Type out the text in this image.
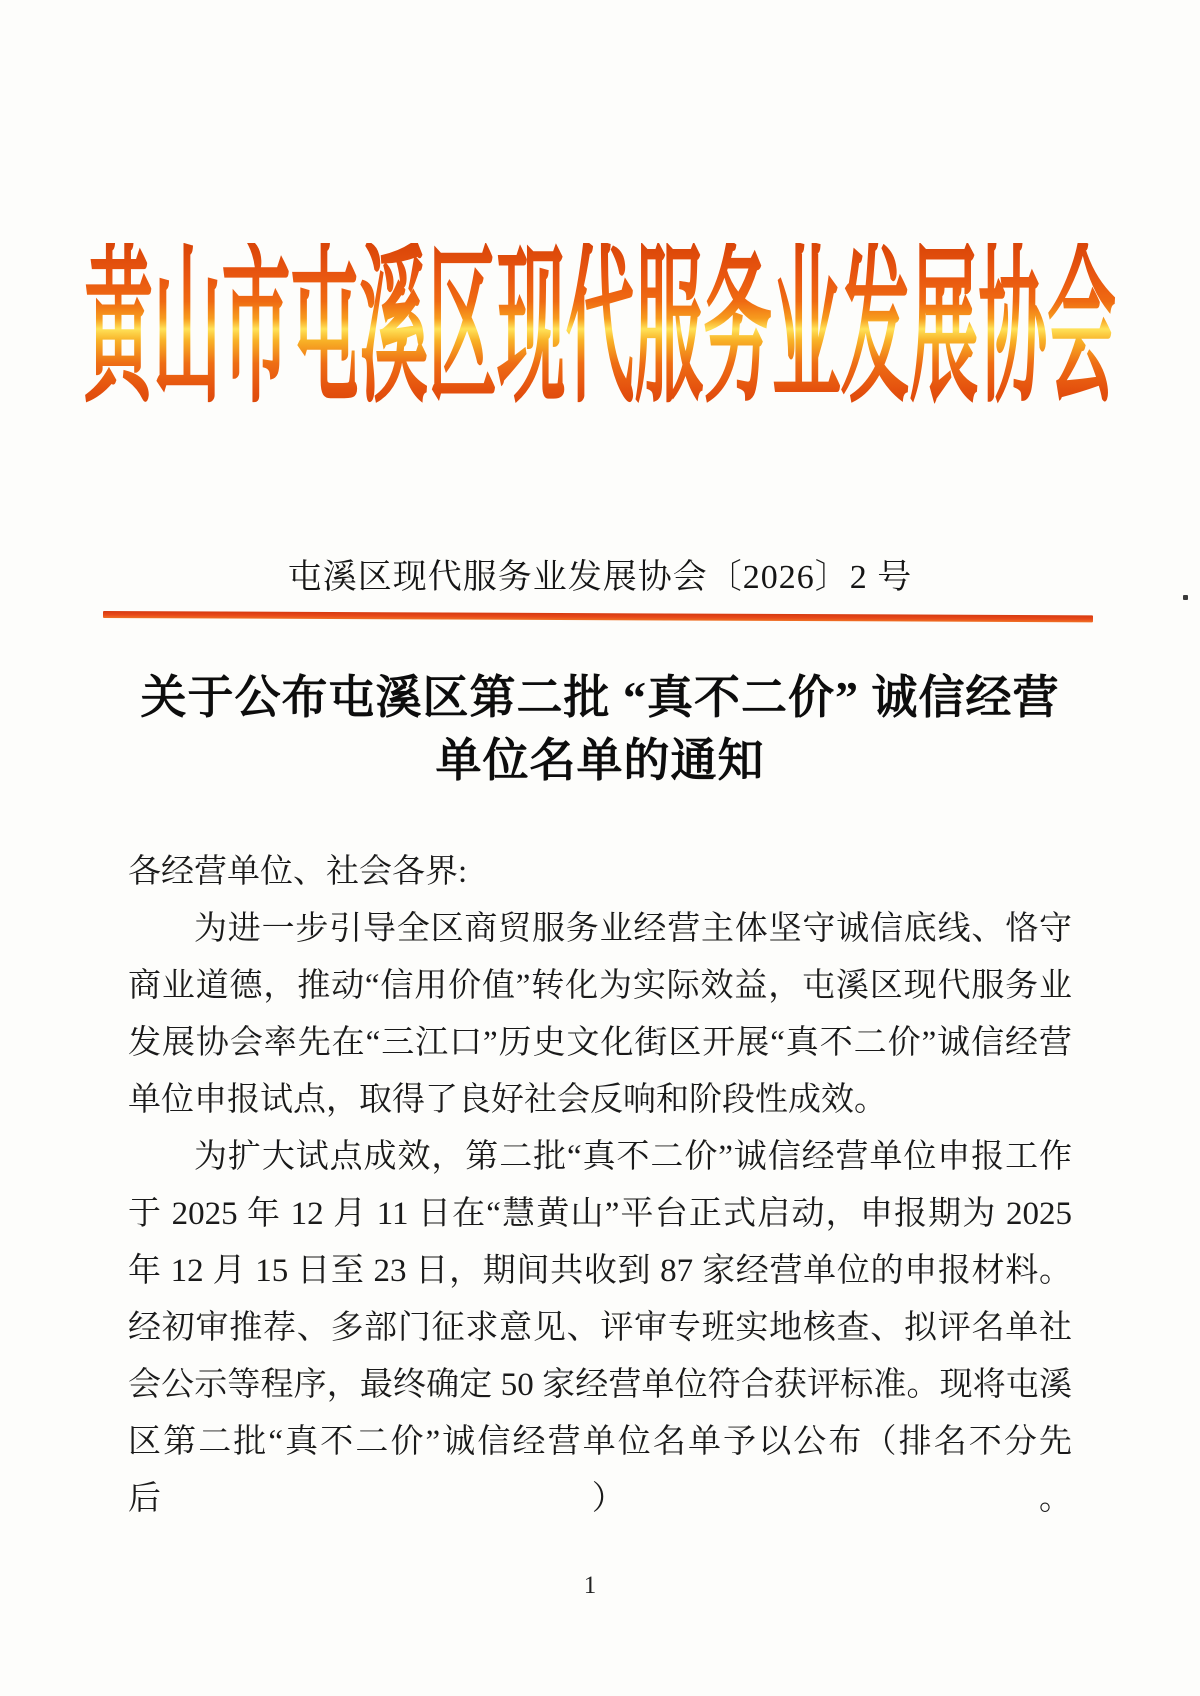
黄山市屯溪区现代服务业发展协会
屯溪区现代服务业发展协会〔2026〕2 号
关于公布屯溪区第二批 “真不二价” 诚信经营
单位名单的通知
各经营单位、社会各界:
为进一步引导全区商贸服务业经营主体坚守诚信底线、恪守
商业道德，推动“信用价值”转化为实际效益，屯溪区现代服务业
发展协会率先在“三江口”历史文化街区开展“真不二价”诚信经营
单位申报试点，取得了良好社会反响和阶段性成效。
为扩大试点成效，第二批“真不二价”诚信经营单位申报工作
于 2025 年 12 月 11 日在“慧黄山”平台正式启动，申报期为 2025
年 12 月 15 日至 23 日，期间共收到 87 家经营单位的申报材料。
经初审推荐、多部门征求意见、评审专班实地核查、拟评名单社
会公示等程序，最终确定 50 家经营单位符合获评标准。现将屯溪
区第二批“真不二价”诚信经营单位名单予以公布（排名不分先后）。
1
